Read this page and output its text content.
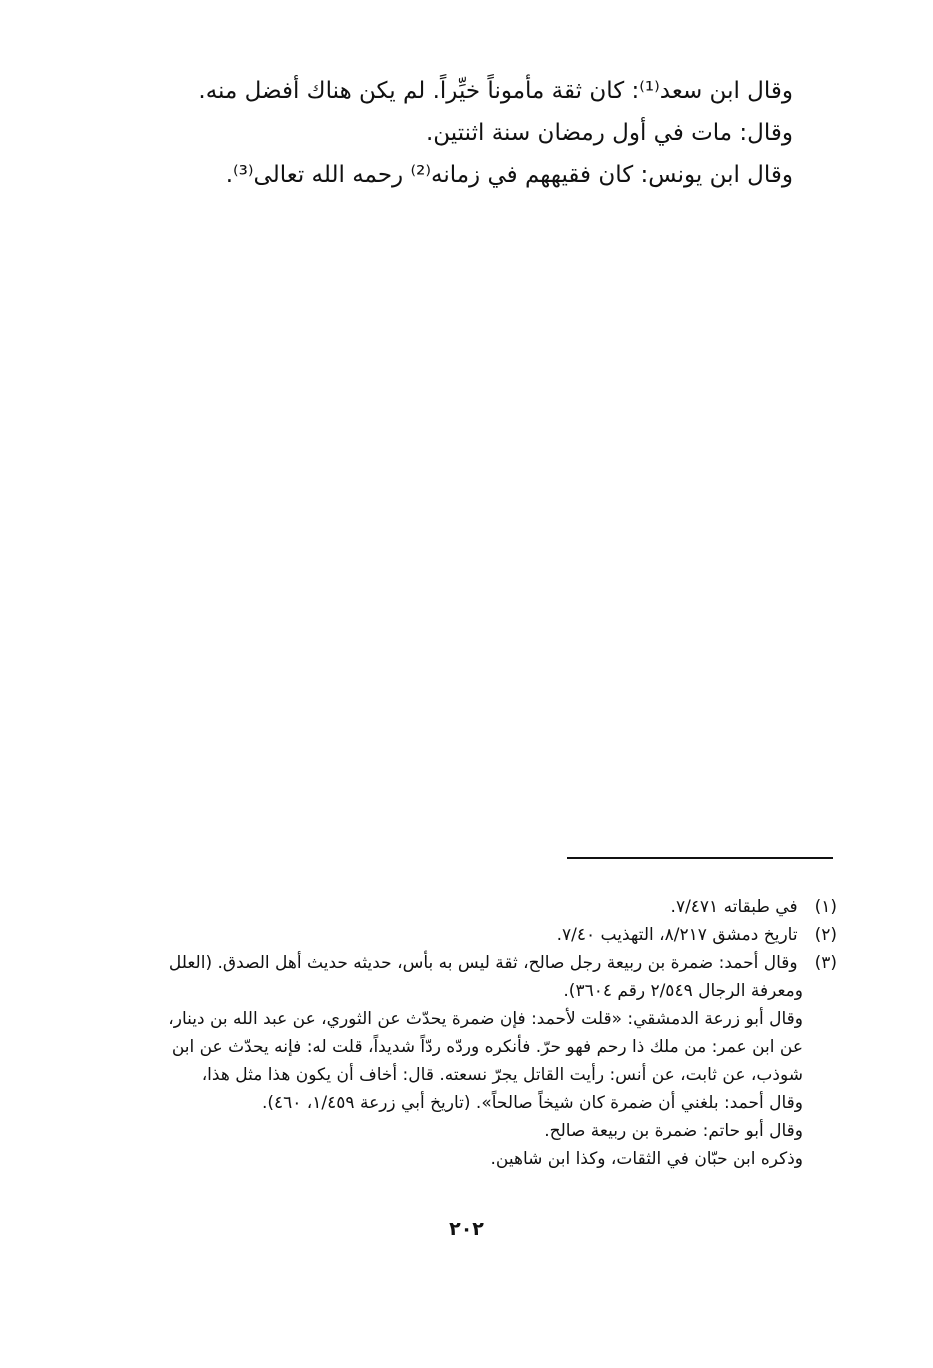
وقال ابن سعد⁽¹⁾: كان ثقة مأموناً خيِّراً. لم يكن هناك أفضل منه.
وقال: مات في أول رمضان سنة اثنتين.
وقال ابن يونس: كان فقيههم في زمانه⁽²⁾ رحمه الله تعالى⁽³⁾.
(١) في طبقاته ٧/٤٧١.
(٢) تاريخ دمشق ٨/٢١٧، التهذيب ٧/٤٠.
(٣) وقال أحمد: ضمرة بن ربيعة رجل صالح، ثقة ليس به بأس، حديثه حديث أهل الصدق. (العلل
ومعرفة الرجال ٢/٥٤٩ رقم ٣٦٠٤).
وقال أبو زرعة الدمشقي: «قلت لأحمد: فإن ضمرة يحدّث عن الثوري، عن عبد الله بن دينار،
عن ابن عمر: من ملك ذا رحم فهو حرّ. فأنكره وردّه ردّاً شديداً، قلت له: فإنه يحدّث عن ابن
شوذب، عن ثابت، عن أنس: رأيت القاتل يجرّ نسعته. قال: أخاف أن يكون هذا مثل هذا،
وقال أحمد: بلغني أن ضمرة كان شيخاً صالحاً». (تاريخ أبي زرعة ١/٤٥٩، ٤٦٠).
وقال أبو حاتم: ضمرة بن ربيعة صالح.
وذكره ابن حبّان في الثقات، وكذا ابن شاهين.
٢٠٢
